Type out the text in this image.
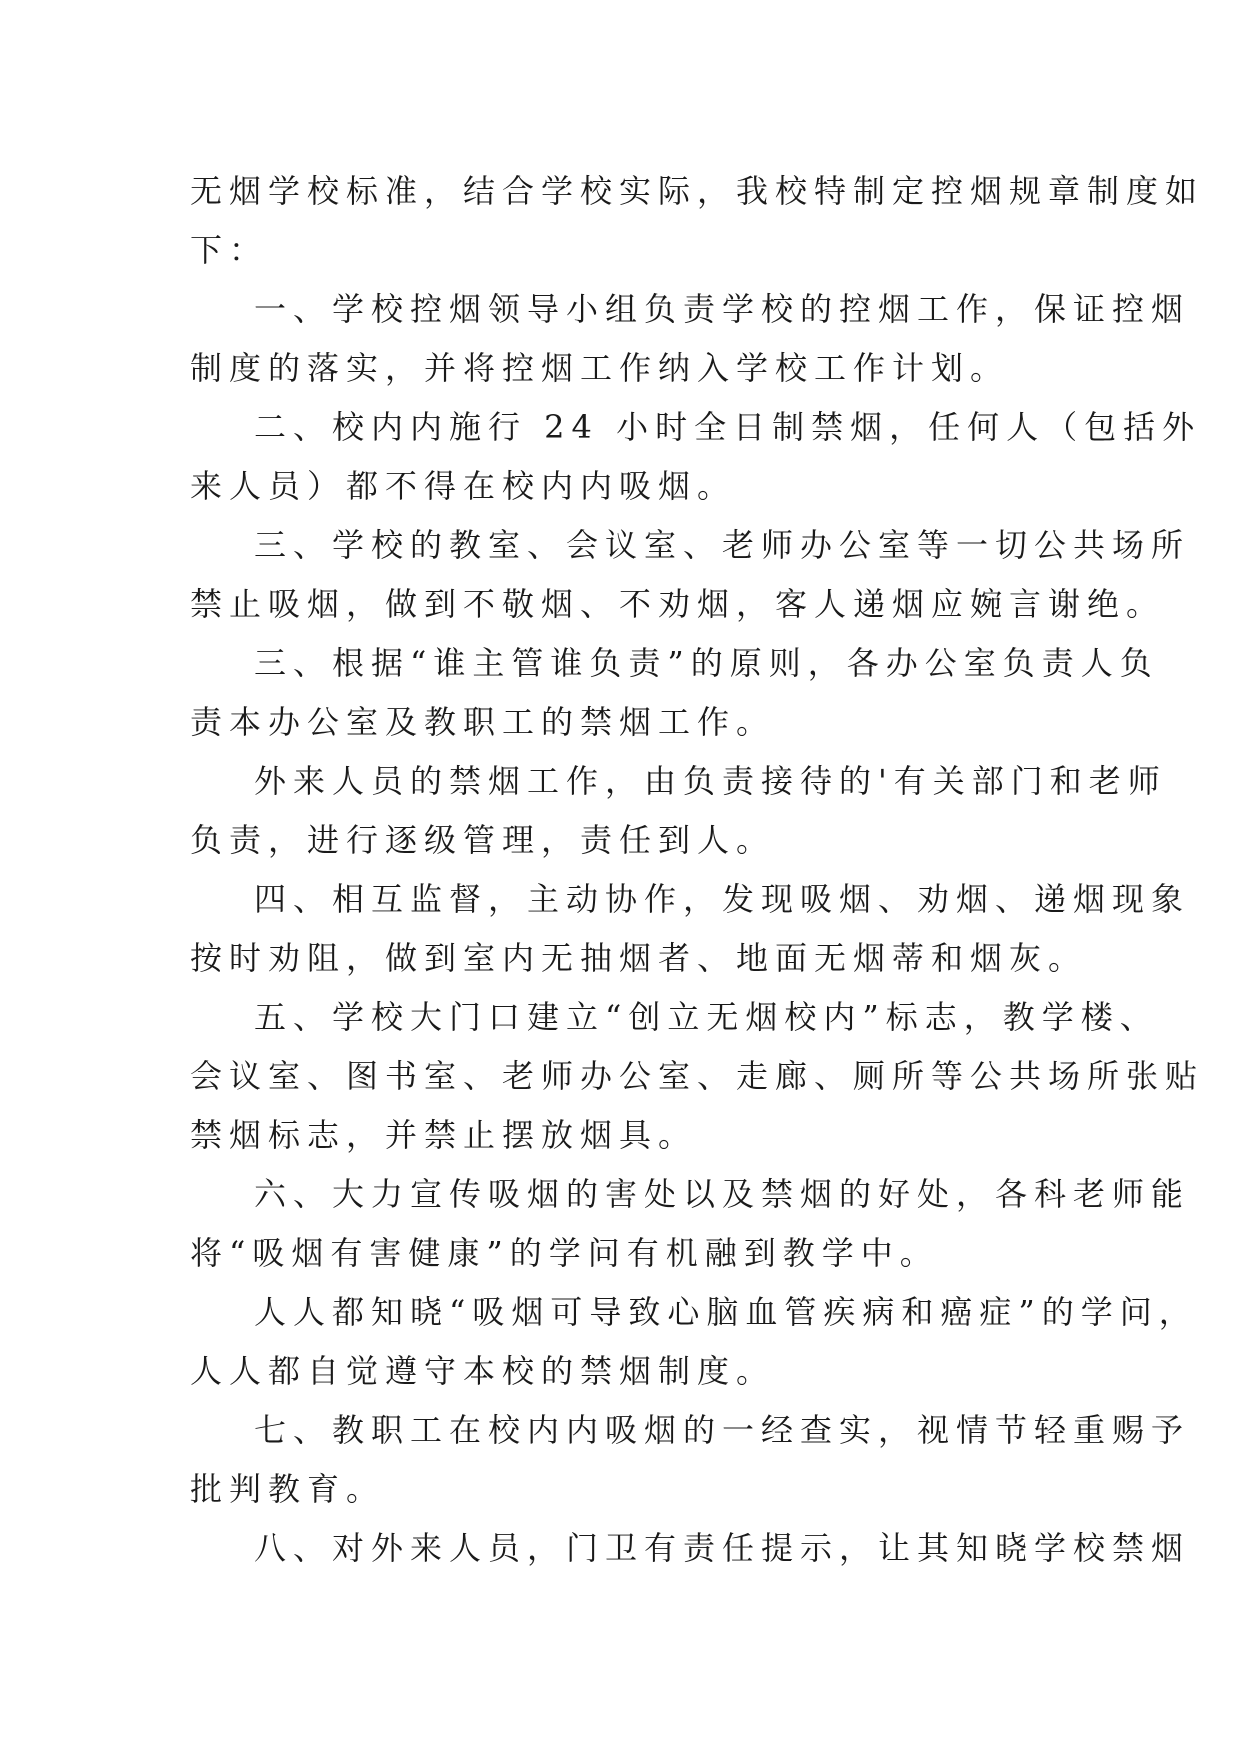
无烟学校标准，结合学校实际，我校特制定控烟规章制度如
下：

一、学校控烟领导小组负责学校的控烟工作，保证控烟
制度的落实，并将控烟工作纳入学校工作计划。

二、校内内施行 24 小时全日制禁烟，任何人（包括外
来人员）都不得在校内内吸烟。

三、学校的教室、会议室、老师办公室等一切公共场所
禁止吸烟，做到不敬烟、不劝烟，客人递烟应婉言谢绝。

三、根据“谁主管谁负责”的原则，各办公室负责人负
责本办公室及教职工的禁烟工作。

外来人员的禁烟工作，由负责接待的'有关部门和老师
负责，进行逐级管理，责任到人。

四、相互监督，主动协作，发现吸烟、劝烟、递烟现象
按时劝阻，做到室内无抽烟者、地面无烟蒂和烟灰。

五、学校大门口建立“创立无烟校内”标志，教学楼、
会议室、图书室、老师办公室、走廊、厕所等公共场所张贴
禁烟标志，并禁止摆放烟具。

六、大力宣传吸烟的害处以及禁烟的好处，各科老师能
将“吸烟有害健康”的学问有机融到教学中。

人人都知晓“吸烟可导致心脑血管疾病和癌症”的学问，
人人都自觉遵守本校的禁烟制度。

七、教职工在校内内吸烟的一经查实，视情节轻重赐予
批判教育。

八、对外来人员，门卫有责任提示，让其知晓学校禁烟
